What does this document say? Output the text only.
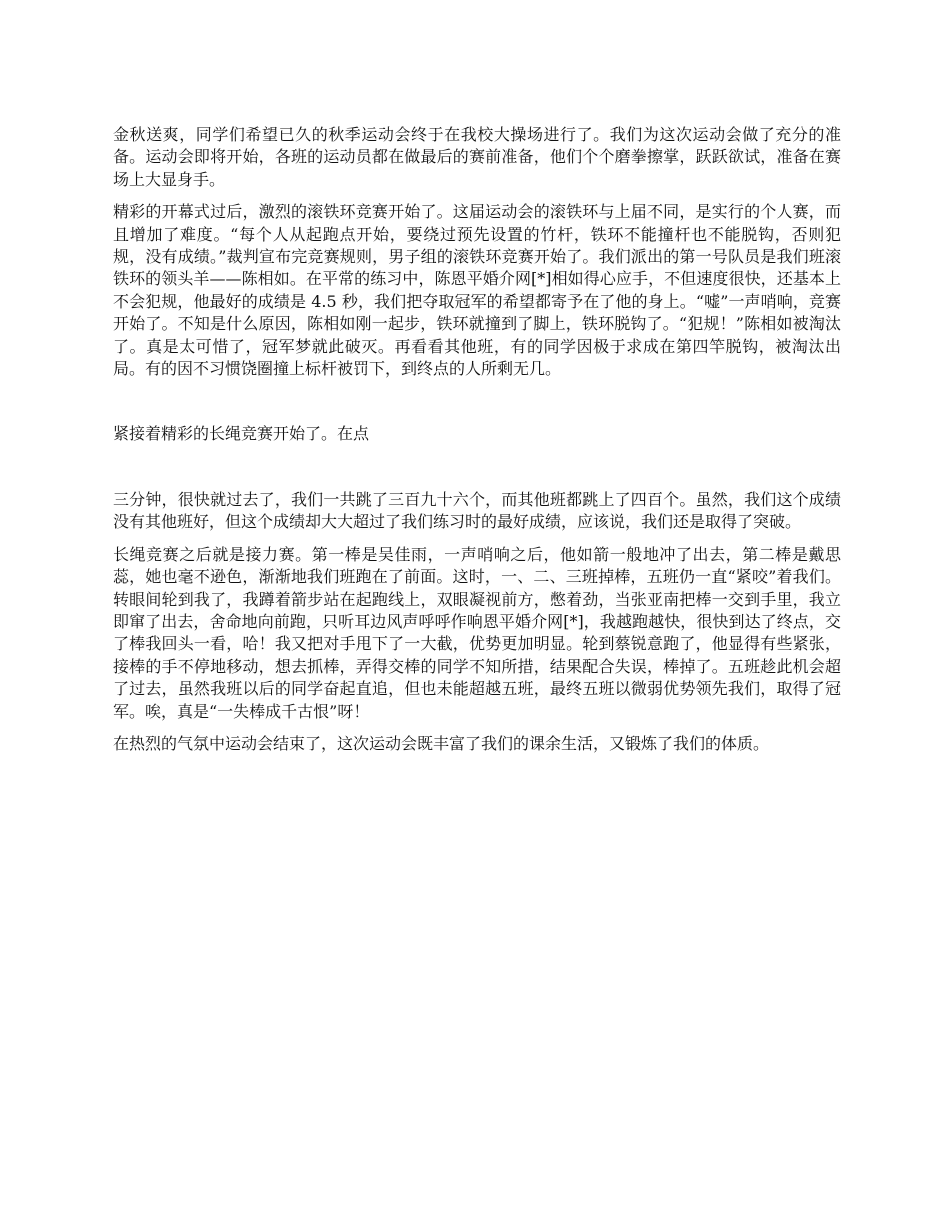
金秋送爽，同学们希望已久的秋季运动会终于在我校大操场进行了。我们为这次运动会做了充分的准备。运动会即将开始，各班的运动员都在做最后的赛前准备，他们个个磨拳擦掌，跃跃欲试，准备在赛场上大显身手。

精彩的开幕式过后，激烈的滚铁环竞赛开始了。这届运动会的滚铁环与上届不同，是实行的个人赛，而且增加了难度。“每个人从起跑点开始，要绕过预先设置的竹杆，铁环不能撞杆也不能脱钩，否则犯规，没有成绩。”裁判宣布完竞赛规则，男子组的滚铁环竞赛开始了。我们派出的第一号队员是我们班滚铁环的领头羊——陈相如。在平常的练习中，陈恩平婚介网[*]相如得心应手，不但速度很快，还基本上不会犯规，他最好的成绩是 4.5 秒，我们把夺取冠军的希望都寄予在了他的身上。“嘘”一声哨响，竞赛开始了。不知是什么原因，陈相如刚一起步，铁环就撞到了脚上，铁环脱钩了。“犯规！”陈相如被淘汰了。真是太可惜了，冠军梦就此破灭。再看看其他班，有的同学因极于求成在第四竿脱钩，被淘汰出局。有的因不习惯饶圈撞上标杆被罚下，到终点的人所剩无几。

紧接着精彩的长绳竞赛开始了。在点

三分钟，很快就过去了，我们一共跳了三百九十六个，而其他班都跳上了四百个。虽然，我们这个成绩没有其他班好，但这个成绩却大大超过了我们练习时的最好成绩，应该说，我们还是取得了突破。

长绳竞赛之后就是接力赛。第一棒是吴佳雨，一声哨响之后，他如箭一般地冲了出去，第二棒是戴思蕊，她也毫不逊色，渐渐地我们班跑在了前面。这时，一、二、三班掉棒，五班仍一直“紧咬”着我们。转眼间轮到我了，我蹲着箭步站在起跑线上，双眼凝视前方，憋着劲，当张亚南把棒一交到手里，我立即窜了出去，舍命地向前跑，只听耳边风声呼呼作响恩平婚介网[*]，我越跑越快，很快到达了终点，交了棒我回头一看，哈！我又把对手甩下了一大截，优势更加明显。轮到蔡锐意跑了，他显得有些紧张，接棒的手不停地移动，想去抓棒，弄得交棒的同学不知所措，结果配合失误，棒掉了。五班趁此机会超了过去，虽然我班以后的同学奋起直追，但也未能超越五班，最终五班以微弱优势领先我们，取得了冠军。唉，真是“一失棒成千古恨”呀！

在热烈的气氛中运动会结束了，这次运动会既丰富了我们的课余生活，又锻炼了我们的体质。
